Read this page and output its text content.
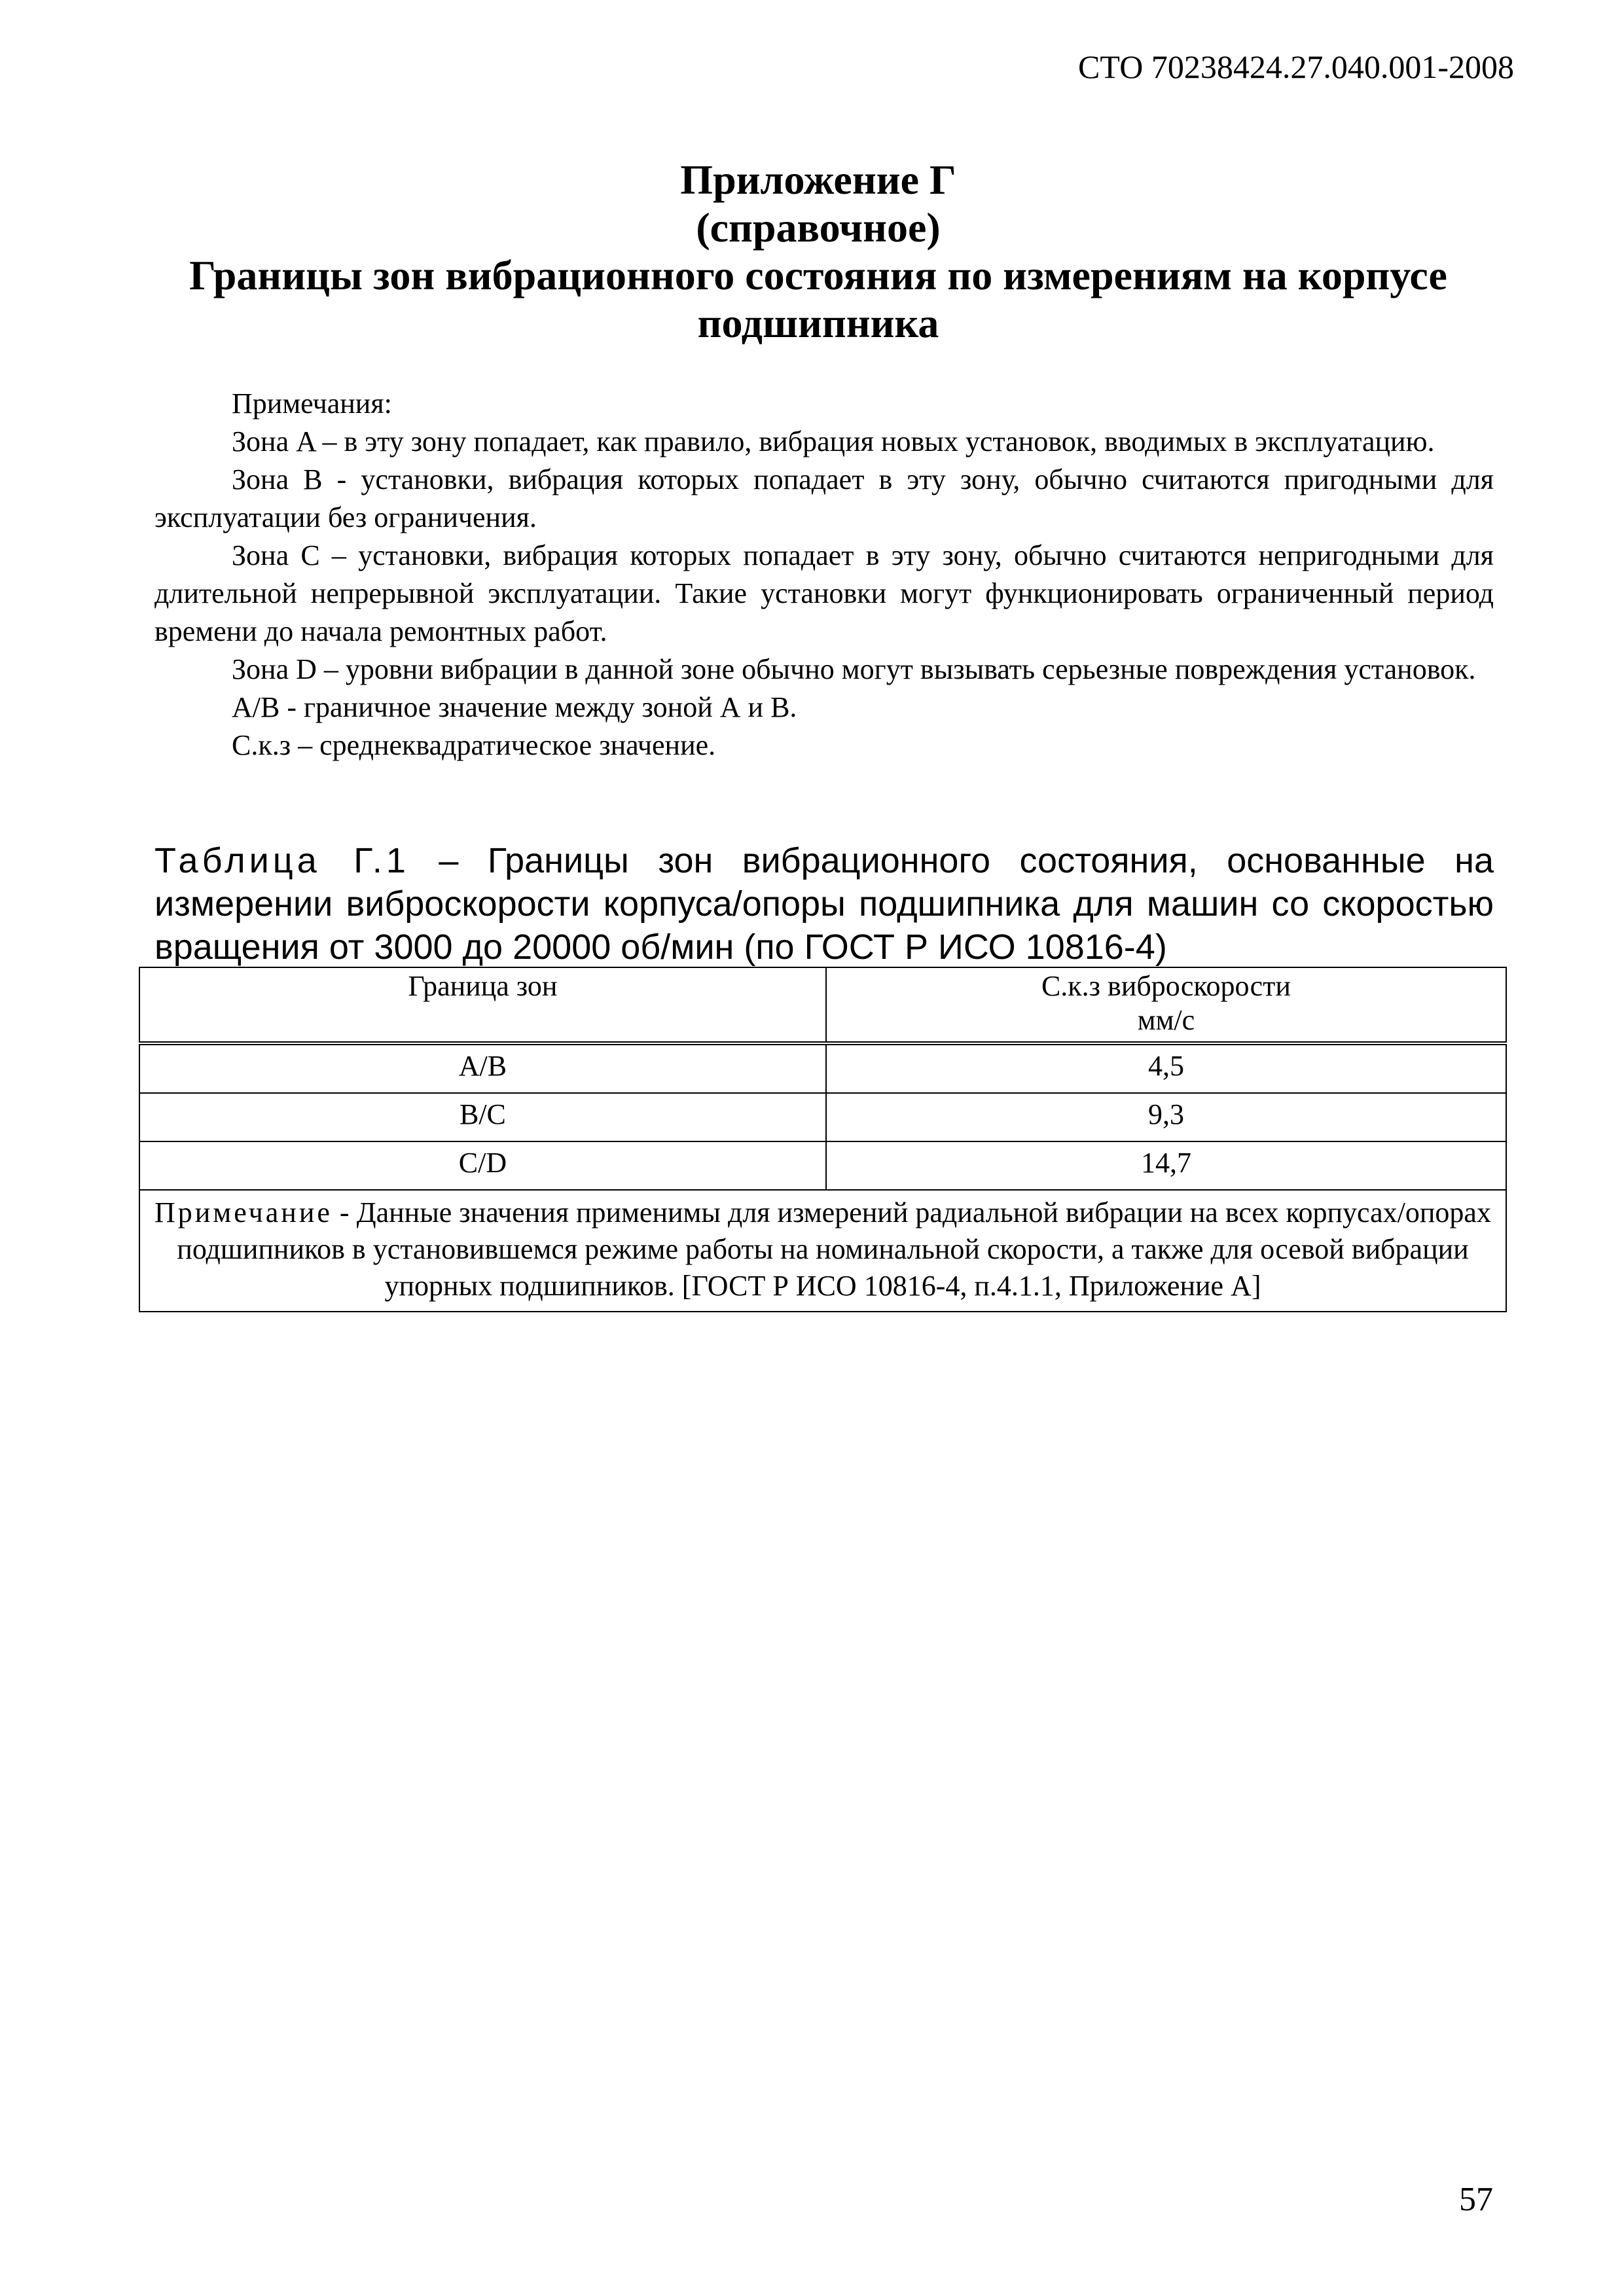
СТО 70238424.27.040.001-2008
Приложение Г
(справочное)
Границы зон вибрационного состояния по измерениям на корпусе
подшипника

Примечания:

Зона A – в эту зону попадает, как правило, вибрация новых установок, вводимых в эксплуатацию.

Зона В - установки, вибрация которых попадает в эту зону, обычно считаются пригодными для эксплуатации без ограничения.

Зона С – установки, вибрация которых попадает в эту зону, обычно считаются непригодными для длительной непрерывной эксплуатации. Такие установки могут функционировать ограниченный период времени до начала ремонтных работ.

Зона D – уровни вибрации в данной зоне обычно могут вызывать серьезные повреждения установок.

A/B - граничное значение между зоной А и В.

С.к.з – среднеквадратическое значение.

Таблица Г.1 – Границы зон вибрационного состояния, основанные на измерении виброскорости корпуса/опоры подшипника для машин со скоростью вращения от 3000 до 20000 об/мин (по ГОСТ Р ИСО 10816-4)
Граница зон	С.к.з виброскорости
мм/с

A/B	4,5
B/C	9,3
C/D	14,7
Примечание - Данные значения применимы для измерений радиальной вибрации на всех корпусах/опорах подшипников в установившемся режиме работы на номинальной скорости, а также для осевой вибрации упорных подшипников. [ГОСТ Р ИСО 10816-4, п.4.1.1, Приложение А]	
57
